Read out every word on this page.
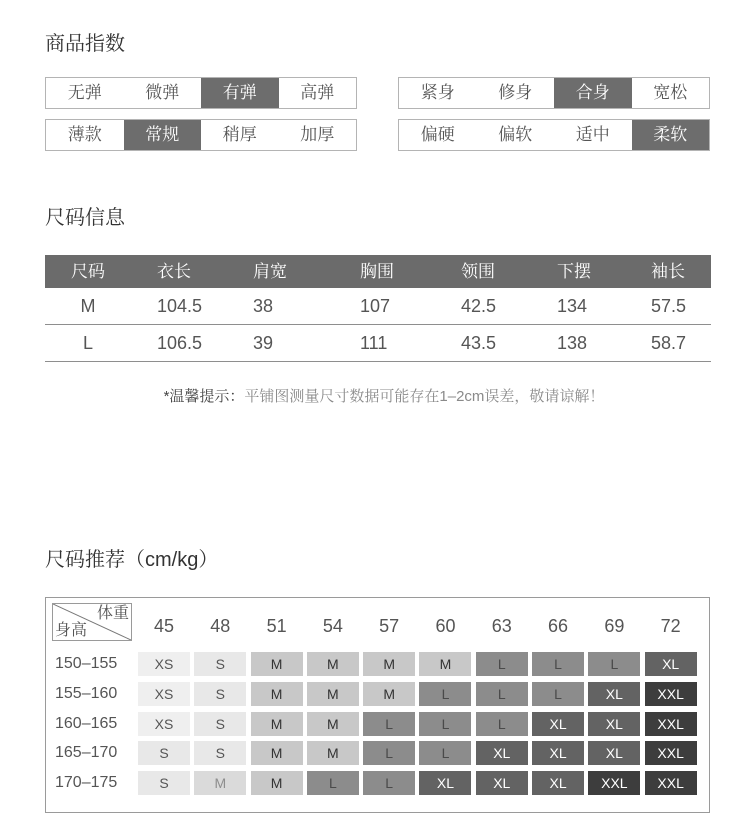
商品指数
无弹	微弹	有弹	高弹	紧身	修身	合身	宽松
薄款	常规	稍厚	加厚	偏硬	偏软	适中	柔软
尺码信息
尺码	衣长	肩宽	胸围	领围	下摆	袖长
M	104.5	38	107	42.5	134	57.5
L	106.5	39	111	43.5	138	58.7
*温馨提示：平铺图测量尺寸数据可能存在1–2cm误差，敬请谅解！
尺码推荐（cm/kg）
体重
身高	45	48	51	54	57	60	63	66	69	72
150–155	XS	S	M	M	M	M	L	L	L	XL
155–160	XS	S	M	M	M	L	L	L	XL	XXL
160–165	XS	S	M	M	L	L	L	XL	XL	XXL
165–170	S	S	M	M	L	L	XL	XL	XL	XXL
170–175	S	M	M	L	L	XL	XL	XL	XXL	XXL
